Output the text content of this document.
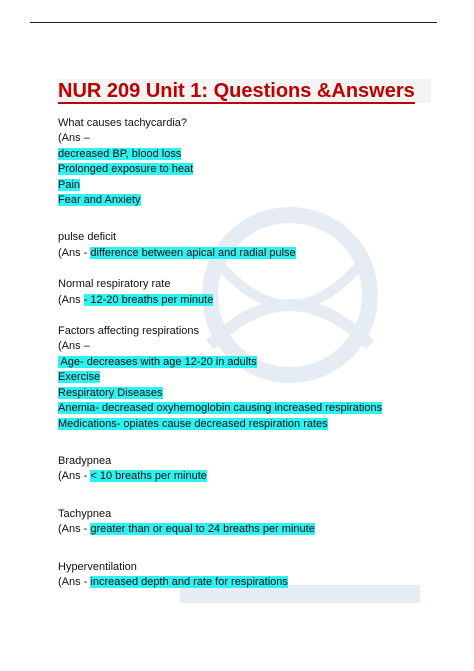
NUR 209 Unit 1: Questions &Answers
What causes tachycardia?
(Ans –
decreased BP, blood loss
Prolonged exposure to heat
Pain
Fear and Anxiety
pulse deficit
(Ans - difference between apical and radial pulse
Normal respiratory rate
(Ans - 12-20 breaths per minute
Factors affecting respirations
(Ans –
Age- decreases with age 12-20 in adults
Exercise
Respiratory Diseases
Anemia- decreased oxyhemoglobin causing increased respirations
Medications- opiates cause decreased respiration rates
Bradypnea
(Ans - < 10 breaths per minute
Tachypnea
(Ans - greater than or equal to 24 breaths per minute
Hyperventilation
(Ans - increased depth and rate for respirations
